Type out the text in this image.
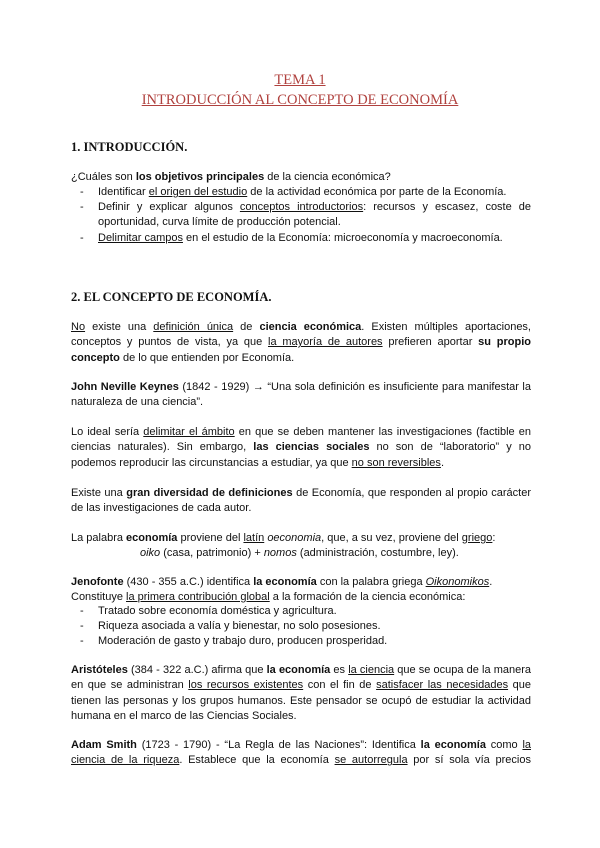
TEMA 1
INTRODUCCIÓN AL CONCEPTO DE ECONOMÍA
1. INTRODUCCIÓN.
¿Cuáles son los objetivos principales de la ciencia económica?
- Identificar el origen del estudio de la actividad económica por parte de la Economía.
- Definir y explicar algunos conceptos introductorios: recursos y escasez, coste de oportunidad, curva límite de producción potencial.
- Delimitar campos en el estudio de la Economía: microeconomía y macroeconomía.
2. EL CONCEPTO DE ECONOMÍA.
No existe una definición única de ciencia económica. Existen múltiples aportaciones, conceptos y puntos de vista, ya que la mayoría de autores prefieren aportar su propio concepto de lo que entienden por Economía.
John Neville Keynes (1842 - 1929) → “Una sola definición es insuficiente para manifestar la naturaleza de una ciencia”.
Lo ideal sería delimitar el ámbito en que se deben mantener las investigaciones (factible en ciencias naturales). Sin embargo, las ciencias sociales no son de “laboratorio” y no podemos reproducir las circunstancias a estudiar, ya que no son reversibles.
Existe una gran diversidad de definiciones de Economía, que responden al propio carácter de las investigaciones de cada autor.
La palabra economía proviene del latín oeconomia, que, a su vez, proviene del griego:
oiko (casa, patrimonio) + nomos (administración, costumbre, ley).
Jenofonte (430 - 355 a.C.) identifica la economía con la palabra griega Oikonomikos.
Constituye la primera contribución global a la formación de la ciencia económica:
- Tratado sobre economía doméstica y agricultura.
- Riqueza asociada a valía y bienestar, no solo posesiones.
- Moderación de gasto y trabajo duro, producen prosperidad.
Aristóteles (384 - 322 a.C.) afirma que la economía es la ciencia que se ocupa de la manera en que se administran los recursos existentes con el fin de satisfacer las necesidades que tienen las personas y los grupos humanos. Este pensador se ocupó de estudiar la actividad humana en el marco de las Ciencias Sociales.
Adam Smith (1723 - 1790) - “La Regla de las Naciones”: Identifica la economía como la ciencia de la riqueza. Establece que la economía se autorregula por sí sola vía precios
